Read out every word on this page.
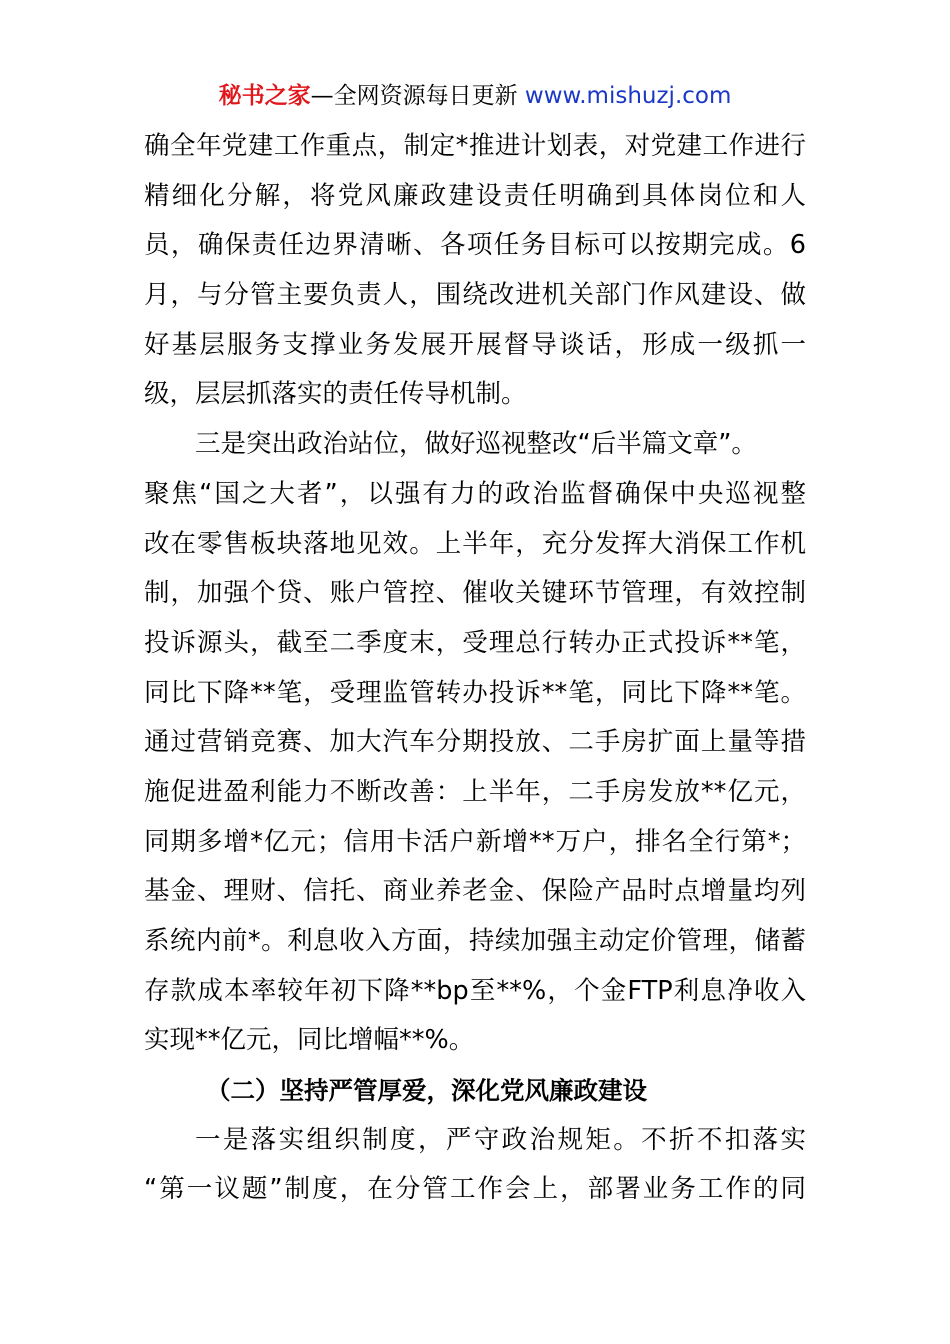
秘书之家—全网资源每日更新 www.mishuzj.com
确全年党建工作重点，制定*推进计划表，对党建工作进行
精细化分解，将党风廉政建设责任明确到具体岗位和人
员，确保责任边界清晰、各项任务目标可以按期完成。6
月，与分管主要负责人，围绕改进机关部门作风建设、做
好基层服务支撑业务发展开展督导谈话，形成一级抓一
级，层层抓落实的责任传导机制。
三是突出政治站位，做好巡视整改“后半篇文章”。
聚焦“国之大者”，以强有力的政治监督确保中央巡视整
改在零售板块落地见效。上半年，充分发挥大消保工作机
制，加强个贷、账户管控、催收关键环节管理，有效控制
投诉源头，截至二季度末，受理总行转办正式投诉**笔，
同比下降**笔，受理监管转办投诉**笔，同比下降**笔。
通过营销竞赛、加大汽车分期投放、二手房扩面上量等措
施促进盈利能力不断改善：上半年，二手房发放**亿元，
同期多增*亿元；信用卡活户新增**万户，排名全行第*；
基金、理财、信托、商业养老金、保险产品时点增量均列
系统内前*。利息收入方面，持续加强主动定价管理，储蓄
存款成本率较年初下降**bp至**%，个金FTP利息净收入
实现**亿元，同比增幅**%。
（二）坚持严管厚爱，深化党风廉政建设
一是落实组织制度，严守政治规矩。不折不扣落实
“第一议题”制度，在分管工作会上，部署业务工作的同
